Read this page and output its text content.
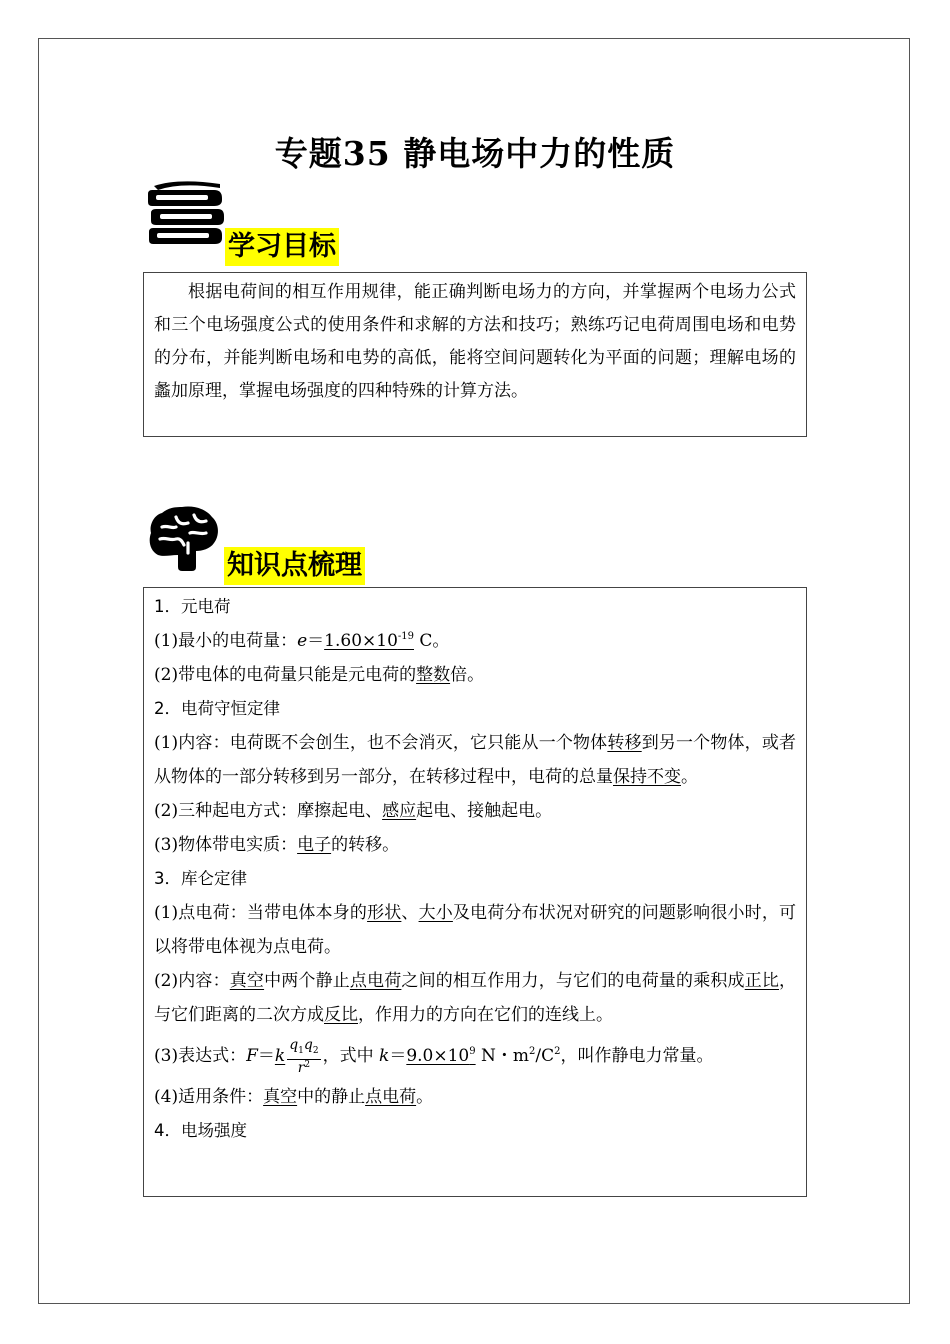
专题35 静电场中力的性质
学习目标
根据电荷间的相互作用规律，能正确判断电场力的方向，并掌握两个电场力公式和三个电场强度公式的使用条件和求解的方法和技巧；熟练巧记电荷周围电场和电势的分布，并能判断电场和电势的高低，能将空间问题转化为平面的问题；理解电场的蠡加原理，掌握电场强度的四种特殊的计算方法。
知识点梳理
1．元电荷
(1)最小的电荷量：$e=1.60\times 10^{-19}$ C。
(2)带电体的电荷量只能是元电荷的整数倍。
2．电荷守恒定律
(1)内容：电荷既不会创生，也不会消灭，它只能从一个物体转移到另一个物体，或者从物体的一部分转移到另一部分，在转移过程中，电荷的总量保持不变。
(2)三种起电方式：摩擦起电、感应起电、接触起电。
(3)物体带电实质：电子的转移。
3．库仑定律
(1)点电荷：当带电体本身的形状、大小及电荷分布状况对研究的问题影响很小时，可以将带电体视为点电荷。
(2)内容：真空中两个静止点电荷之间的相互作用力，与它们的电荷量的乘积成正比，与它们距离的二次方成反比，作用力的方向在它们的连线上。
(3)表达式：$F=k \frac{q_1q_2}{r^2}$ ，式中 $k=9.0\times 10^9$ N・$m^2/C^2$，叫作静电力常量。
(4)适用条件：真空中的静止点电荷。
4．电场强度
